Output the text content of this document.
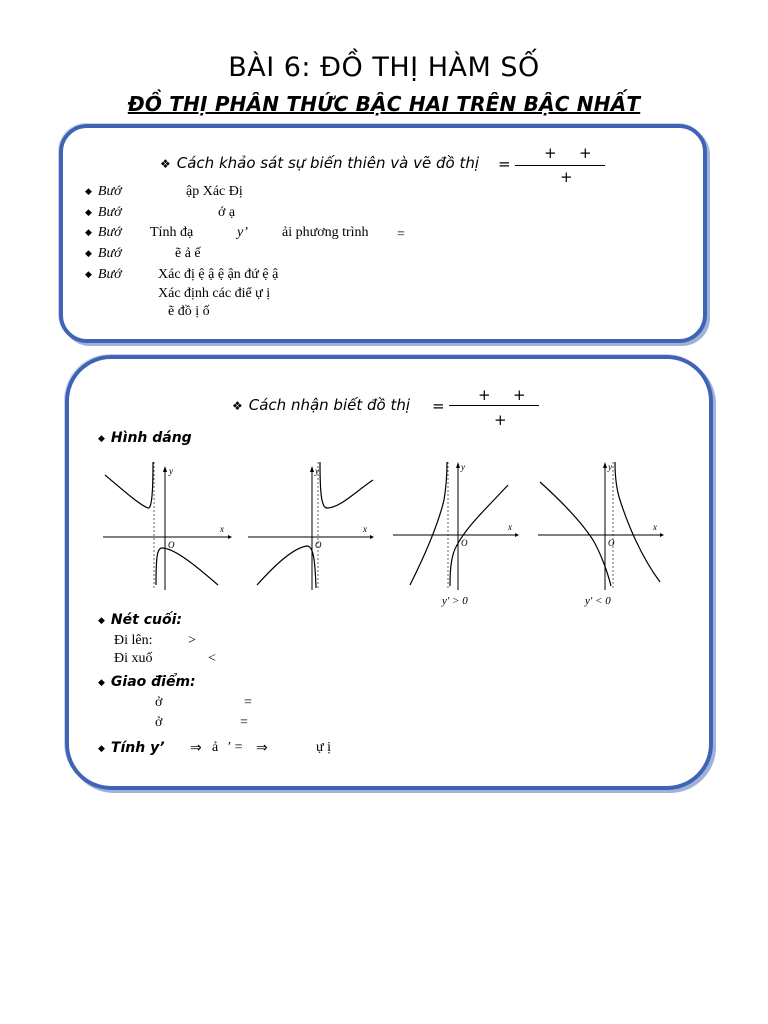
BÀI 6: ĐỒ THỊ HÀM SỐ
ĐỒ THỊ PHÂN THỨC BẬC HAI TRÊN BẬC NHẤT
❖ Cách khảo sát sự biến thiên và vẽ đồ thị =
+ +
+
◆ Bướ	ập Xác Đị
◆ Bướ	ớ ạ
◆ Bướ Tính đạ	y’ ải phương trình =
◆ Bướ	ẽ ả ế
◆ Bướ	Xác đị ệ ậ ệ ận đứ ệ ậ
Xác định các điể ự ị
ẽ đồ ị ố
❖ Cách nhận biết đồ thị =
+ +
+
◆ Hình dáng
x
y
O
x
y
O
x
y
O
y′ > 0
x
y
O
y′ < 0
◆ Nét cuối:
Đi lên:	>
Đi xuố	<
◆ Giao điểm:
ở	=
ở	=
◆ Tính y’ ⇒ ả ′ = ⇒	ự ị
